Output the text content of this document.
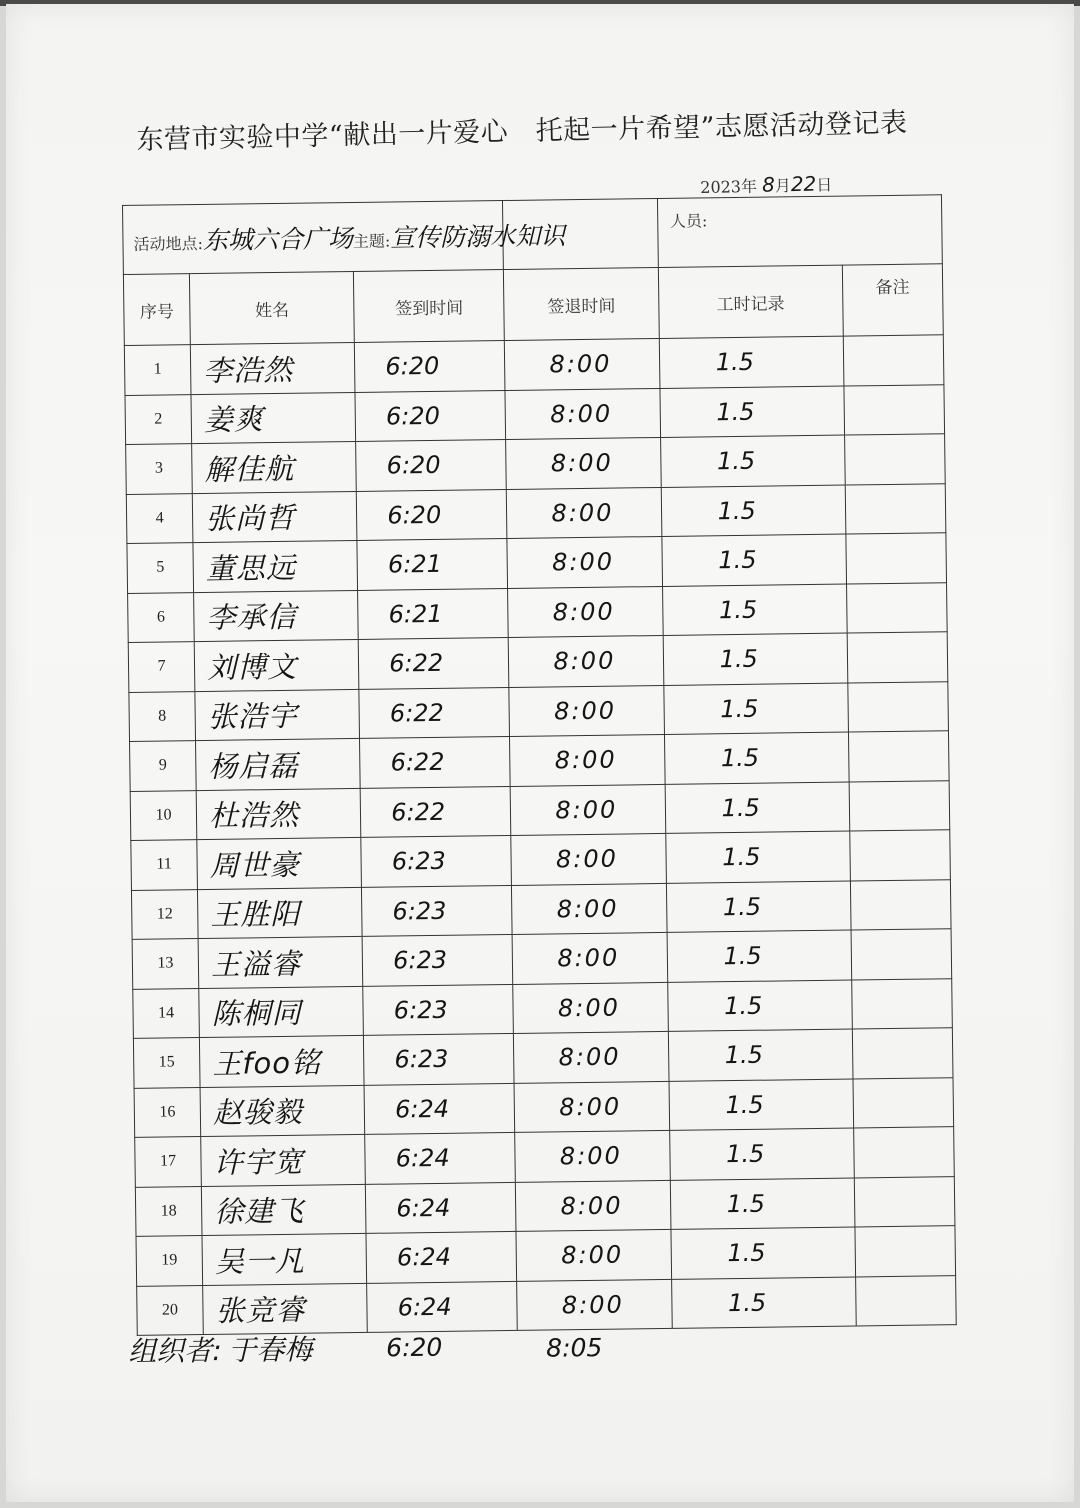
东营市实验中学“献出一片爱心　托起一片希望”志愿活动登记表
2023年 8月22日
活动地点:东城六合广场主题:宣传防溺水知识				人员:	
序号	姓名	签到时间	签退时间	工时记录	备注
1	李浩然	6:20	8:00	1.5	
2	姜爽	6:20	8:00	1.5	
3	解佳航	6:20	8:00	1.5	
4	张尚哲	6:20	8:00	1.5	
5	董思远	6:21	8:00	1.5	
6	李承信	6:21	8:00	1.5	
7	刘博文	6:22	8:00	1.5	
8	张浩宇	6:22	8:00	1.5	
9	杨启磊	6:22	8:00	1.5	
10	杜浩然	6:22	8:00	1.5	
11	周世豪	6:23	8:00	1.5	
12	王胜阳	6:23	8:00	1.5	
13	王溢睿	6:23	8:00	1.5	
14	陈桐同	6:23	8:00	1.5	
15	王foo铭	6:23	8:00	1.5	
16	赵骏毅	6:24	8:00	1.5	
17	许宇宽	6:24	8:00	1.5	
18	徐建飞	6:24	8:00	1.5	
19	吴一凡	6:24	8:00	1.5	
20	张竞睿	6:24	8:00	1.5	
组织者: 于春梅	6:20	8:05
